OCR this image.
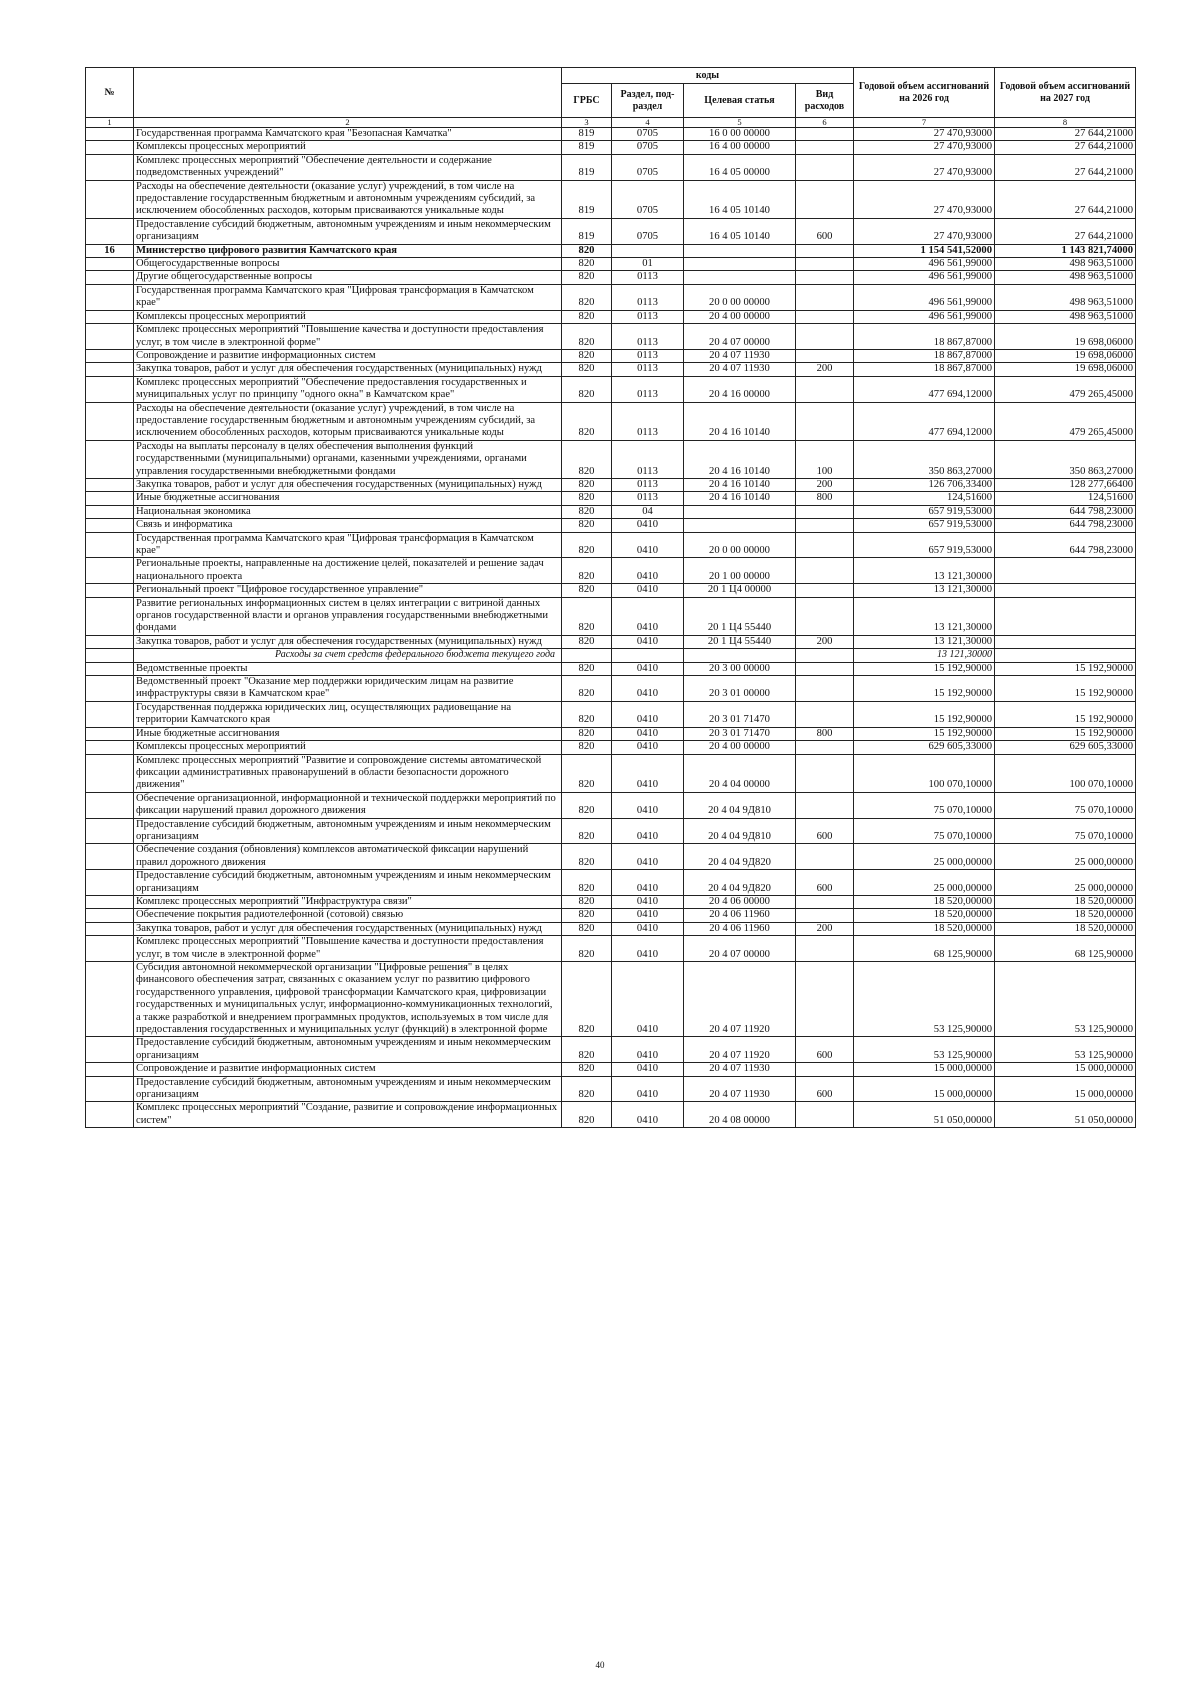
№		коды				Годовой объем ассигнований на 2026 год	Годовой объем ассигнований на 2027 год
		ГРБС	Раздел, под-раздел	Целевая статья	Вид расходов		
1	2	3	4	5	6	7	8
	Государственная программа Камчатского края "Безопасная Камчатка"	819	0705	16 0 00 00000		27 470,93000	27 644,21000
	Комплексы процессных мероприятий	819	0705	16 4 00 00000		27 470,93000	27 644,21000
	Комплекс процессных мероприятий "Обеспечение деятельности и содержание подведомственных учреждений"	819	0705	16 4 05 00000		27 470,93000	27 644,21000
	Расходы на обеспечение деятельности (оказание услуг) учреждений, в том числе на предоставление государственным бюджетным и автономным учреждениям субсидий, за исключением обособленных расходов, которым присваиваются уникальные коды	819	0705	16 4 05 10140		27 470,93000	27 644,21000
	Предоставление субсидий бюджетным, автономным учреждениям и иным некоммерческим организациям	819	0705	16 4 05 10140	600	27 470,93000	27 644,21000
16	Министерство цифрового развития Камчатского края	820				1 154 541,52000	1 143 821,74000
	Общегосударственные вопросы	820	01			496 561,99000	498 963,51000
	Другие общегосударственные вопросы	820	0113			496 561,99000	498 963,51000
	Государственная программа Камчатского края "Цифровая трансформация в Камчатском крае"	820	0113	20 0 00 00000		496 561,99000	498 963,51000
	Комплексы процессных мероприятий	820	0113	20 4 00 00000		496 561,99000	498 963,51000
	Комплекс процессных мероприятий "Повышение качества и доступности предоставления услуг, в том числе в электронной форме"	820	0113	20 4 07 00000		18 867,87000	19 698,06000
	Сопровождение и развитие информационных систем	820	0113	20 4 07 11930		18 867,87000	19 698,06000
	Закупка товаров, работ и услуг для обеспечения государственных (муниципальных) нужд	820	0113	20 4 07 11930	200	18 867,87000	19 698,06000
	Комплекс процессных мероприятий "Обеспечение предоставления государственных и муниципальных услуг по принципу "одного окна" в Камчатском крае"	820	0113	20 4 16 00000		477 694,12000	479 265,45000
	Расходы на обеспечение деятельности (оказание услуг) учреждений, в том числе на предоставление государственным бюджетным и автономным учреждениям субсидий, за исключением обособленных расходов, которым присваиваются уникальные коды	820	0113	20 4 16 10140		477 694,12000	479 265,45000
	Расходы на выплаты персоналу в целях обеспечения выполнения функций государственными (муниципальными) органами, казенными учреждениями, органами управления государственными внебюджетными фондами	820	0113	20 4 16 10140	100	350 863,27000	350 863,27000
	Закупка товаров, работ и услуг для обеспечения государственных (муниципальных) нужд	820	0113	20 4 16 10140	200	126 706,33400	128 277,66400
	Иные бюджетные ассигнования	820	0113	20 4 16 10140	800	124,51600	124,51600
	Национальная экономика	820	04			657 919,53000	644 798,23000
	Связь и информатика	820	0410			657 919,53000	644 798,23000
	Государственная программа Камчатского края "Цифровая трансформация в Камчатском крае"	820	0410	20 0 00 00000		657 919,53000	644 798,23000
	Региональные проекты, направленные на достижение целей, показателей и решение задач национального проекта	820	0410	20 1 00 00000		13 121,30000	
	Региональный проект "Цифровое государственное управление"	820	0410	20 1 Ц4 00000		13 121,30000	
	Развитие региональных информационных систем в целях интеграции с витриной данных органов государственной власти и органов управления государственными внебюджетными фондами	820	0410	20 1 Ц4 55440		13 121,30000	
	Закупка товаров, работ и услуг для обеспечения государственных (муниципальных) нужд	820	0410	20 1 Ц4 55440	200	13 121,30000	
	Расходы за счет средств федерального бюджета текущего года					13 121,30000	
	Ведомственные проекты	820	0410	20 3 00 00000		15 192,90000	15 192,90000
	Ведомственный проект "Оказание мер поддержки юридическим лицам на развитие инфраструктуры связи в Камчатском крае"	820	0410	20 3 01 00000		15 192,90000	15 192,90000
	Государственная поддержка юридических лиц, осуществляющих радиовещание на территории Камчатского края	820	0410	20 3 01 71470		15 192,90000	15 192,90000
	Иные бюджетные ассигнования	820	0410	20 3 01 71470	800	15 192,90000	15 192,90000
	Комплексы процессных мероприятий	820	0410	20 4 00 00000		629 605,33000	629 605,33000
	Комплекс процессных мероприятий "Развитие и сопровождение системы автоматической фиксации административных правонарушений в области безопасности дорожного движения"	820	0410	20 4 04 00000		100 070,10000	100 070,10000
	Обеспечение организационной, информационной и технической поддержки мероприятий по фиксации нарушений правил дорожного движения	820	0410	20 4 04 9Д810		75 070,10000	75 070,10000
	Предоставление субсидий бюджетным, автономным учреждениям и иным некоммерческим организациям	820	0410	20 4 04 9Д810	600	75 070,10000	75 070,10000
	Обеспечение создания (обновления) комплексов автоматической фиксации нарушений правил дорожного движения	820	0410	20 4 04 9Д820		25 000,00000	25 000,00000
	Предоставление субсидий бюджетным, автономным учреждениям и иным некоммерческим организациям	820	0410	20 4 04 9Д820	600	25 000,00000	25 000,00000
	Комплекс процессных мероприятий "Инфраструктура связи"	820	0410	20 4 06 00000		18 520,00000	18 520,00000
	Обеспечение покрытия радиотелефонной (сотовой) связью	820	0410	20 4 06 11960		18 520,00000	18 520,00000
	Закупка товаров, работ и услуг для обеспечения государственных (муниципальных) нужд	820	0410	20 4 06 11960	200	18 520,00000	18 520,00000
	Комплекс процессных мероприятий "Повышение качества и доступности предоставления услуг, в том числе в электронной форме"	820	0410	20 4 07 00000		68 125,90000	68 125,90000
	Субсидия автономной некоммерческой организации "Цифровые решения" в целях финансового обеспечения затрат, связанных с оказанием услуг по развитию цифрового государственного управления, цифровой трансформации Камчатского края, цифровизации государственных и муниципальных услуг, информационно-коммуникационных технологий, а также разработкой и внедрением программных продуктов, используемых в том числе для предоставления государственных и муниципальных услуг (функций) в электронной форме	820	0410	20 4 07 11920		53 125,90000	53 125,90000
	Предоставление субсидий бюджетным, автономным учреждениям и иным некоммерческим организациям	820	0410	20 4 07 11920	600	53 125,90000	53 125,90000
	Сопровождение и развитие информационных систем	820	0410	20 4 07 11930		15 000,00000	15 000,00000
	Предоставление субсидий бюджетным, автономным учреждениям и иным некоммерческим организациям	820	0410	20 4 07 11930	600	15 000,00000	15 000,00000
	Комплекс процессных мероприятий "Создание, развитие и сопровождение информационных систем"	820	0410	20 4 08 00000		51 050,00000	51 050,00000
40
